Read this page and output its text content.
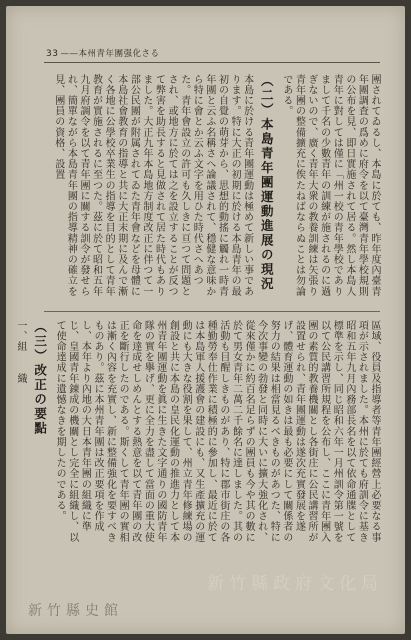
33 ——本州青年團强化さる

團されてゐるし、本島に於ても、昨年度內臺青年團調査の爲めに府令を以て臺灣青年學校規則の公布を見、即日實施されて居る。然し本島人青年に對しては僅に「州一校の青年學校でありまして千名の少數青年の訓練が施されるのに過ぎないので、廣く青年大衆の教養訓練は矢張り青年團の整備擴充に俟たねばならぬことは勿論である。

（二）本島青年團運動進展の現況

本島に於ける青年團運動は極めて新しい事であります。特に大正の初期に於ける本島青年の最初の自覺の萌芽から、思想的動搖に觸れ一時青年團と云ふ名稱さへ論議されて、穩健な意味から特に會とか云ふ文字を用ひた時代さへあつた。青年會設立の許可も久しきに亘つて問題とされ、或地方に於ては之を設立することが反つて弊害を助長すると見做されて居た時代もありました。大正九年本島地方制度改正に伴つて一部公民團が附属されてゐた青年會などを母體に本島社會教育の指導と共に大正末期に及んで漸く各地に公學校卒業生の指導を目的として青年教育が實施されるに至つた。茲に於て昭和五年九月府調令を以て青年團に關する訓令が發せられ、簡單ながら本島青年團の指導精神の確立を見、團員の資格、設置

區域、役員及指導者等青年團經營上必要なる事項が示されました。本州に於ても府訓令に基き昭和五年九月內務部長名を以て依命通牒として標準を示し、同じ昭和六年一月州訓令第一號を以て公民講習所規程を公布し、ここに青年團入團の素質的教養機關とし各街庄に公民講習所が設置せられ、青年團運動は遂次充實發展を遂げ、體育運動の如きは最も必要にして關係者の努力の結果は相當見るべきものがあつた、特に今次事變の勃發と同時に大いに擴大強化され、從來僅かに約百名足らずの團員も今や其の數に於て男女青年二萬二千餘名に達しました。其の活動も目醒しきものがあり、特に郡市街庄の各種勤勞奉仕作業に積極的に參加し、最近に於ては本島軍人援護會の建設にも、又生產擴充の運動にも大きな役割を果して、州立青年修練場の創設と共に本島の皇民化運動の推進力として本州青年團運動を眞に生きた文字通りの國防青年隊の實を擧げ、更に全力を盡して當面の重大使命を達成せしめんとする熱意を以て青年團の改正を斷行したのである。斯くして青年團の實相は漸く內容を充實し、新に整備強化を要すべきものあり。茲に本州青年團は改正要項を作成し、本年より內地の大日本青年團の組織に準じ、皇國青年錬成の機關とし完全に組織し、以て使命達成に遺憾なきを期したのである。

（三）改正の要點

一、組　　織

新竹縣政府文化局
新竹縣史館
